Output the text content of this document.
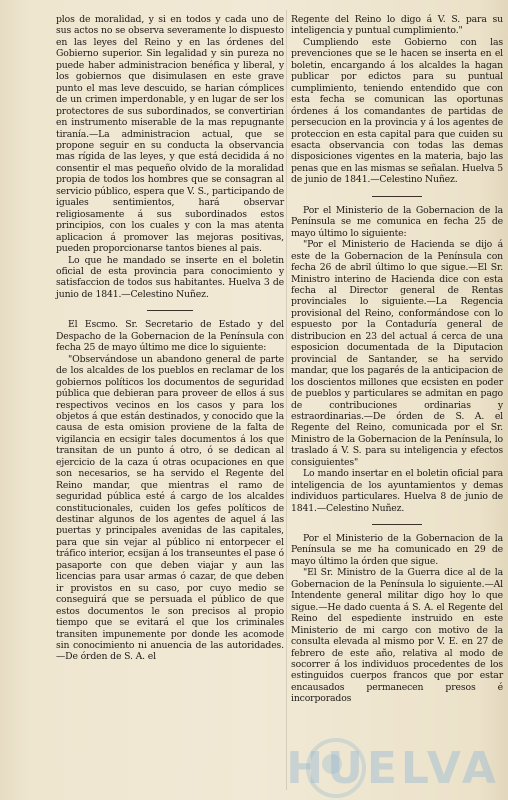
plos de moralidad, y si en todos y cada uno de sus actos no se observa severamente lo dispuesto en las leyes del Reino y en las órdenes del Gobierno superior. Sin legalidad y sin pureza no puede haber administracion benéfica y liberal, y los gobiernos que disimulasen en este grave punto el mas leve descuido, se harian cómplices de un crimen imperdonable, y en lugar de ser los protectores de sus subordinados, se convertirian en instrumento miserable de la mas repugnante tiranía.—La administracion actual, que se propone seguir en su conducta la observancia mas rígida de las leyes, y que está decidida á no consentir el mas pequeño olvido de la moralidad propia de todos los hombres que se consagran al servicio público, espera que V. S., participando de iguales sentimientos, hará observar religiosamente á sus subordinados estos principios, con los cuales y con la mas atenta aplicacion á promover las mejoras positivas, pueden proporcionarse tantos bienes al pais.

Lo que he mandado se inserte en el boletin oficial de esta provincia para conocimiento y satisfaccion de todos sus habitantes. Huelva 3 de junio de 1841.—Celestino Nuñez.

El Escmo. Sr. Secretario de Estado y del Despacho de la Gobernacion de la Península con fecha 25 de mayo último me dice lo siguiente:

"Observándose un abandono general de parte de los alcaldes de los pueblos en reclamar de los gobiernos políticos los documentos de seguridad pública que debieran para proveer de ellos á sus respectivos vecinos en los casos y para los objetos á que están destinados, y conocido que la causa de esta omision proviene de la falta de vigilancia en ecsigir tales documentos á los que transitan de un punto á otro, ó se dedican al ejercicio de la caza ú otras ocupaciones en que son necesarios, se ha servido el Regente del Reino mandar, que mientras el ramo de seguridad pública esté á cargo de los alcaldes constitucionales, cuiden los gefes políticos de destinar algunos de los agentes de aquel á las puertas y principales avenidas de las capitales, para que sin vejar al público ni entorpecer el tráfico interior, ecsijan á los transeuntes el pase ó pasaporte con que deben viajar y aun las licencias para usar armas ó cazar, de que deben ir provistos en su caso, por cuyo medio se conseguirá que se persuada el público de que estos documentos le son precisos al propio tiempo que se evitará el que los criminales transiten impunemente por donde les acomode sin conocimiento ni anuencia de las autoridades.—De órden de S. A. el

Regente del Reino lo digo á V. S. para su inteligencia y puntual cumplimiento."

Cumpliendo este Gobierno con las prevenciones que se le hacen se inserta en el boletin, encargando á los alcaldes la hagan publicar por edictos para su puntual cumplimiento, teniendo entendido que con esta fecha se comunican las oportunas órdenes á los comandantes de partidas de persecucion en la provincia y á los agentes de proteccion en esta capital para que cuiden su esacta observancia con todas las demas disposiciones vigentes en la materia, bajo las penas que en las mismas se señalan. Huelva 5 de junio de 1841.—Celestino Nuñez.

Por el Ministerio de la Gobernacion de la Península se me comunica en fecha 25 de mayo último lo siguiente:

"Por el Ministerio de Hacienda se dijo á este de la Gobernacion de la Península con fecha 26 de abril último lo que sigue.—El Sr. Ministro interino de Hacienda dice con esta fecha al Director general de Rentas provinciales lo siguiente.—La Regencia provisional del Reino, conformándose con lo espuesto por la Contaduría general de distribucion en 23 del actual á cerca de una esposicion documentada de la Diputacion provincial de Santander, se ha servido mandar, que los pagarés de la anticipacion de los doscientos millones que ecsisten en poder de pueblos y particulares se admitan en pago de contribuciones ordinarias y estraordinarias.—De órden de S. A. el Regente del Reino, comunicada por el Sr. Ministro de la Gobernacion de la Península, lo traslado á V. S. para su inteligencia y efectos consiguientes"

Lo mando insertar en el boletin oficial para inteligencia de los ayuntamientos y demas individuos particulares. Huelva 8 de junio de 1841.—Celestino Nuñez.

Por el Ministerio de la Gobernacion de la Península se me ha comunicado en 29 de mayo último la órden que sigue.

"El Sr. Ministro de la Guerra dice al de la Gobernacion de la Península lo siguiente.—Al Intendente general militar digo hoy lo que sigue.—He dado cuenta á S. A. el Regente del Reino del espediente instruido en este Ministerio de mi cargo con motivo de la consulta elevada al mismo por V. E. en 27 de febrero de este año, relativa al modo de socorrer á los individuos procedentes de los estinguidos cuerpos francos que por estar encausados permanecen presos é incorporados

HUELVA
